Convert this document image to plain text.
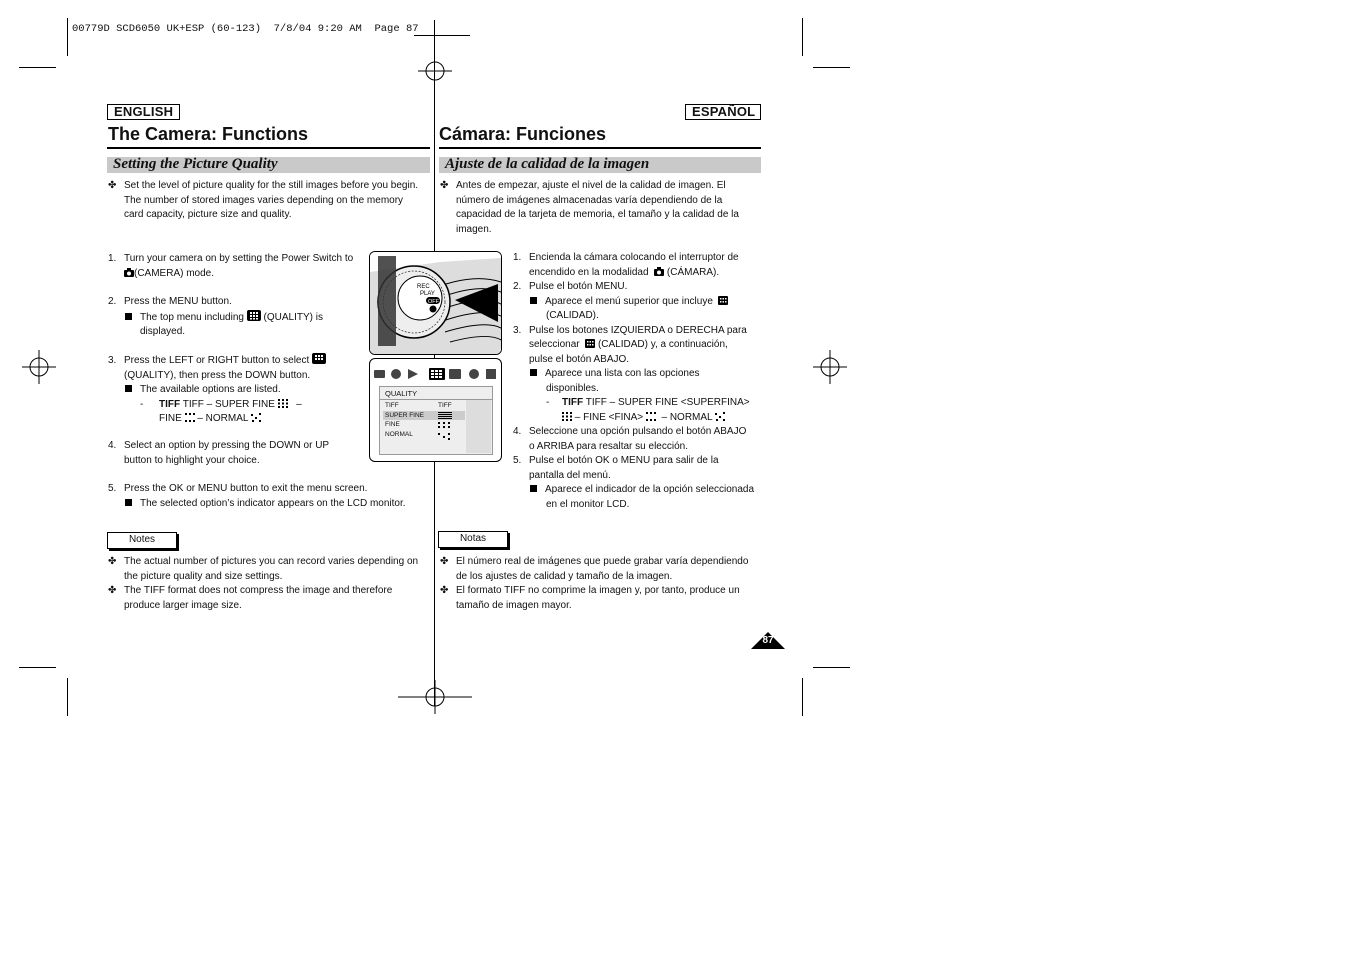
00779D SCD6050 UK+ESP (60-123)  7/8/04 9:20 AM  Page 87
ENGLISH
The Camera: Functions
Setting the Picture Quality
✤ Set the level of picture quality for the still images before you begin.
The number of stored images varies depending on the memory
card capacity, picture size and quality.
1. Turn your camera on by setting the Power Switch to
(CAMERA) mode.
2. Press the MENU button.
The top menu including (QUALITY) is
displayed.
3. Press the LEFT or RIGHT button to select
(QUALITY), then press the DOWN button.
The available options are listed.
- TIFF TIFF – SUPER FINE –
FINE – NORMAL
4. Select an option by pressing the DOWN or UP
button to highlight your choice.
5. Press the OK or MENU button to exit the menu screen.
The selected option’s indicator appears on the LCD monitor.
Notes
✤ The actual number of pictures you can record varies depending on
the picture quality and size settings.
✤ The TIFF format does not compress the image and therefore
produce larger image size.
REC
PLAY
OFF
QUALITY
TIFF	TIFF
SUPER FINE
FINE
NORMAL
ESPAÑOL
Cámara: Funciones
Ajuste de la calidad de la imagen
✤ Antes de empezar, ajuste el nivel de la calidad de imagen. El
número de imágenes almacenadas varía dependiendo de la
capacidad de la tarjeta de memoria, el tamaño y la calidad de la
imagen.
1. Encienda la cámara colocando el interruptor de
encendido en la modalidad (CÁMARA).
2. Pulse el botón MENU.
Aparece el menú superior que incluye
(CALIDAD).
3. Pulse los botones IZQUIERDA o DERECHA para
seleccionar (CALIDAD) y, a continuación,
pulse el botón ABAJO.
Aparece una lista con las opciones
disponibles.
- TIFF TIFF – SUPER FINE <SUPERFINA>
– FINE <FINA> – NORMAL
4. Seleccione una opción pulsando el botón ABAJO
o ARRIBA para resaltar su elección.
5. Pulse el botón OK o MENU para salir de la
pantalla del menú.
Aparece el indicador de la opción seleccionada
en el monitor LCD.
Notas
✤ El número real de imágenes que puede grabar varía dependiendo
de los ajustes de calidad y tamaño de la imagen.
✤ El formato TIFF no comprime la imagen y, por tanto, produce un
tamaño de imagen mayor.
87
